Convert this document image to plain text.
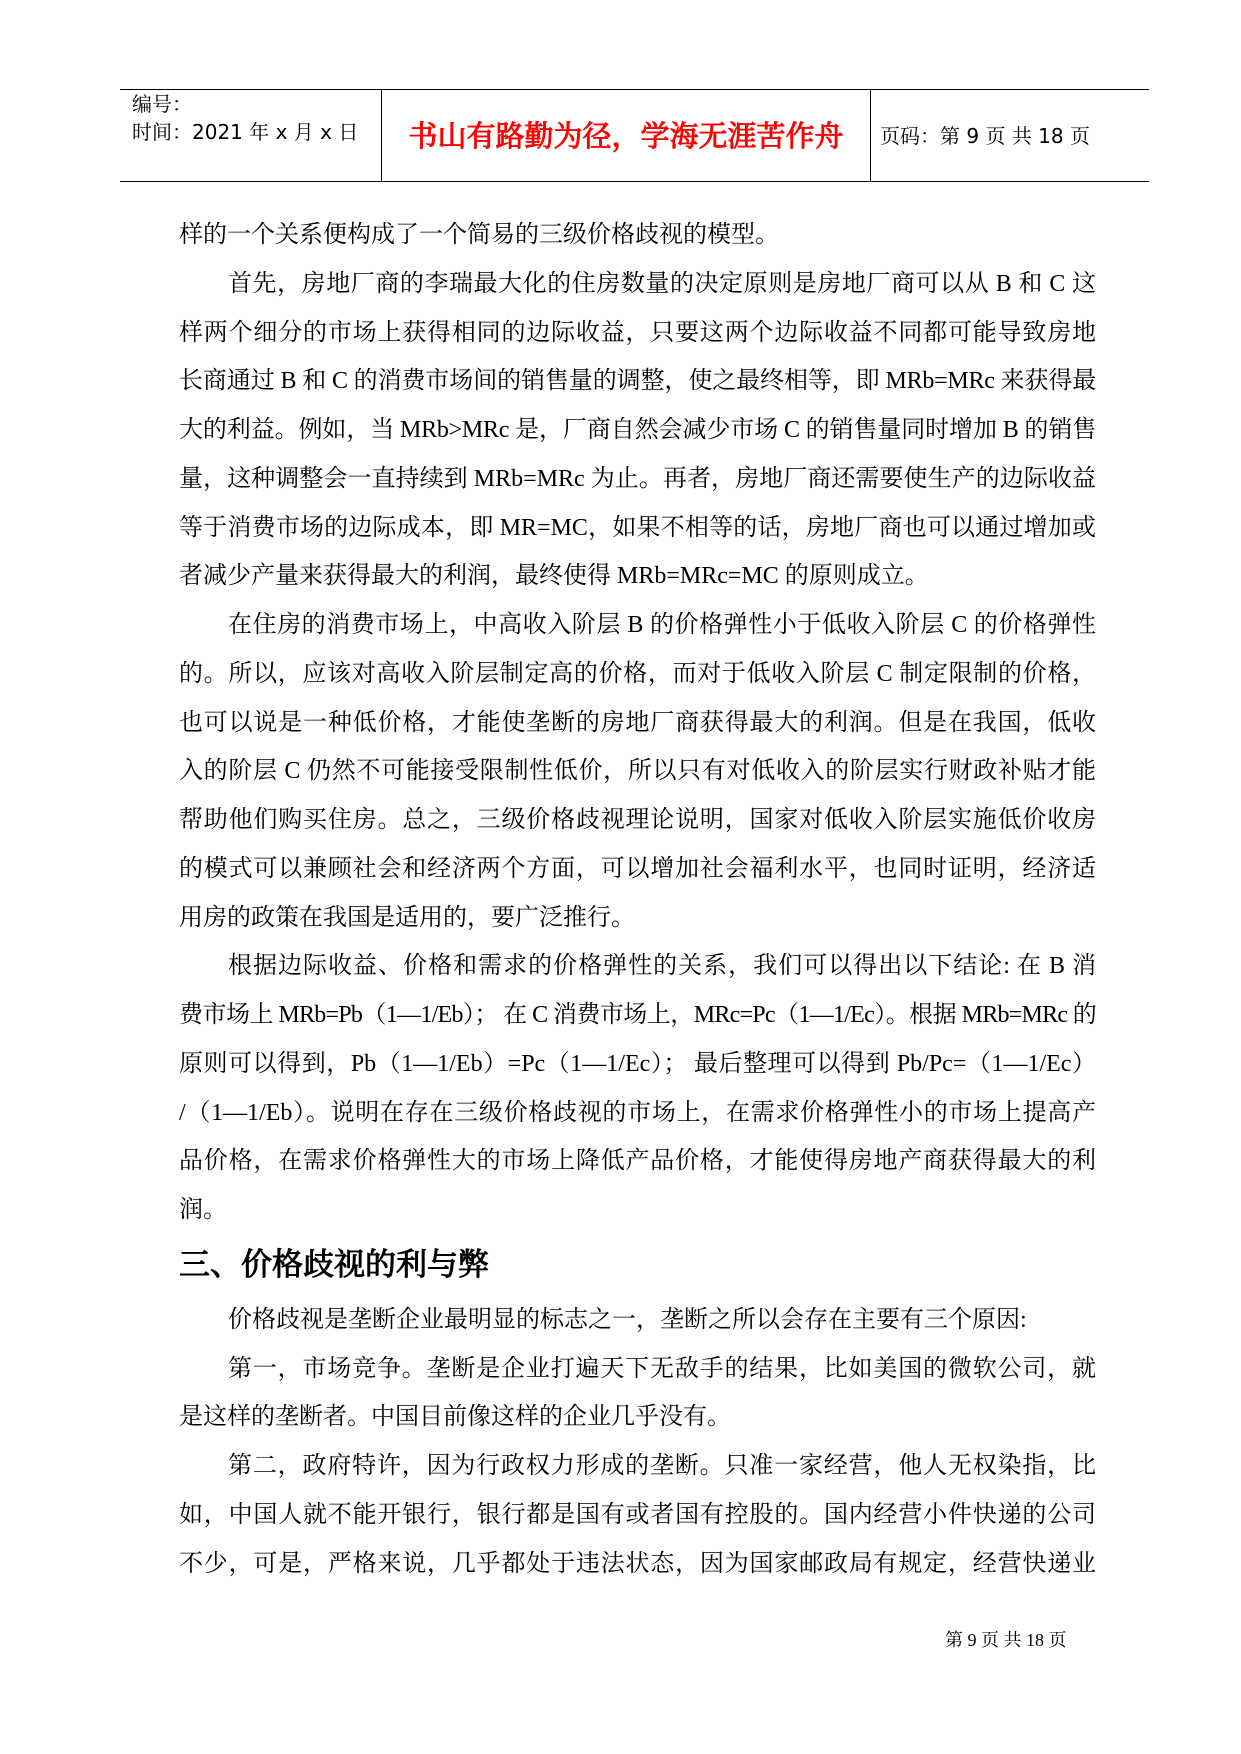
编号：
时间：2021 年 x 月 x 日	书山有路勤为径，学海无涯苦作舟	页码：第 9 页 共 18 页
样的一个关系便构成了一个简易的三级价格歧视的模型。
首先，房地厂商的李瑞最大化的住房数量的决定原则是房地厂商可以从 B 和 C 这
样两个细分的市场上获得相同的边际收益，只要这两个边际收益不同都可能导致房地
长商通过 B 和 C 的消费市场间的销售量的调整，使之最终相等，即 MRb=MRc 来获得最
大的利益。例如，当 MRb>MRc 是，厂商自然会减少市场 C 的销售量同时增加 B 的销售
量，这种调整会一直持续到 MRb=MRc 为止。再者，房地厂商还需要使生产的边际收益
等于消费市场的边际成本，即 MR=MC，如果不相等的话，房地厂商也可以通过增加或
者减少产量来获得最大的利润，最终使得 MRb=MRc=MC 的原则成立。
在住房的消费市场上，中高收入阶层 B 的价格弹性小于低收入阶层 C 的价格弹性
的。所以，应该对高收入阶层制定高的价格，而对于低收入阶层 C 制定限制的价格，
也可以说是一种低价格，才能使垄断的房地厂商获得最大的利润。但是在我国，低收
入的阶层 C 仍然不可能接受限制性低价，所以只有对低收入的阶层实行财政补贴才能
帮助他们购买住房。总之，三级价格歧视理论说明，国家对低收入阶层实施低价收房
的模式可以兼顾社会和经济两个方面，可以增加社会福利水平，也同时证明，经济适
用房的政策在我国是适用的，要广泛推行。
根据边际收益、价格和需求的价格弹性的关系，我们可以得出以下结论: 在 B 消
费市场上 MRb=Pb（1—1/Eb）； 在 C 消费市场上，MRc=Pc（1—1/Ec）。根据 MRb=MRc 的
原则可以得到，Pb（1—1/Eb）=Pc（1—1/Ec）； 最后整理可以得到 Pb/Pc=（1—1/Ec）
/（1—1/Eb）。说明在存在三级价格歧视的市场上，在需求价格弹性小的市场上提高产
品价格，在需求价格弹性大的市场上降低产品价格，才能使得房地产商获得最大的利
润。
三、价格歧视的利与弊
价格歧视是垄断企业最明显的标志之一，垄断之所以会存在主要有三个原因:
第一，市场竞争。垄断是企业打遍天下无敌手的结果，比如美国的微软公司，就
是这样的垄断者。中国目前像这样的企业几乎没有。
第二，政府特许，因为行政权力形成的垄断。只准一家经营，他人无权染指，比
如，中国人就不能开银行，银行都是国有或者国有控股的。国内经营小件快递的公司
不少，可是，严格来说，几乎都处于违法状态，因为国家邮政局有规定，经营快递业
第 9 页 共 18 页
